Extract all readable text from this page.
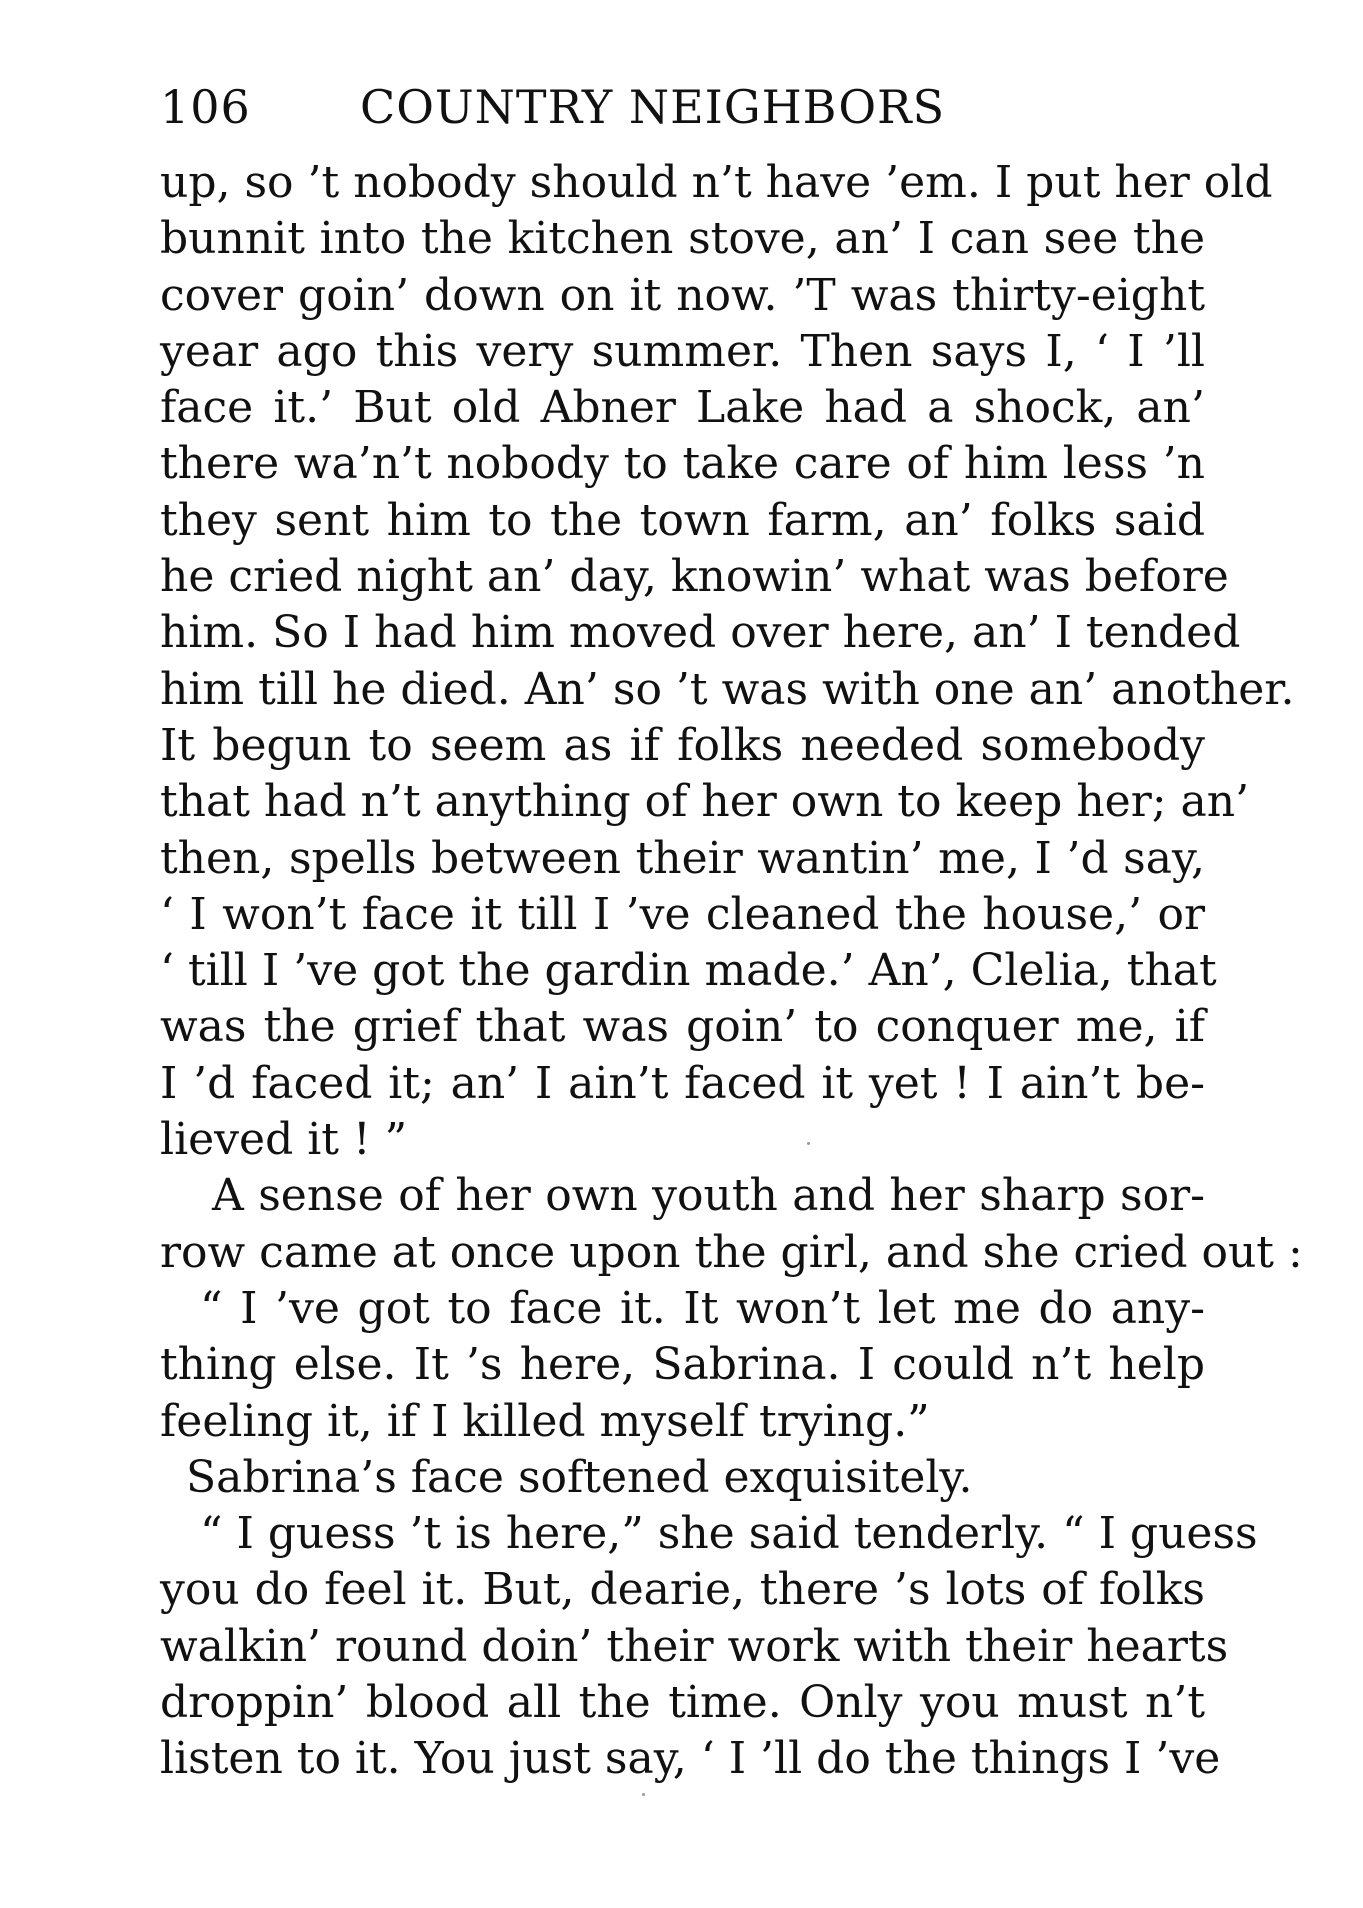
106 COUNTRY NEIGHBORS
up, so ’t nobody should n’t have ’em. I put her old
bunnit into the kitchen stove, an’ I can see the
cover goin’ down on it now. ’T was thirty-eight
year ago this very summer. Then says I, ‘ I ’ll
face it.’ But old Abner Lake had a shock, an’
there wa’n’t nobody to take care of him less ’n
they sent him to the town farm, an’ folks said
he cried night an’ day, knowin’ what was before
him. So I had him moved over here, an’ I tended
him till he died. An’ so ’t was with one an’ another.
It begun to seem as if folks needed somebody
that had n’t anything of her own to keep her; an’
then, spells between their wantin’ me, I ’d say,
‘ I won’t face it till I ’ve cleaned the house,’ or
‘ till I ’ve got the gardin made.’ An’, Clelia, that
was the grief that was goin’ to conquer me, if
I ’d faced it; an’ I ain’t faced it yet ! I ain’t be-
lieved it ! ”
A sense of her own youth and her sharp sor-
row came at once upon the girl, and she cried out :
“ I ’ve got to face it. It won’t let me do any-
thing else. It ’s here, Sabrina. I could n’t help
feeling it, if I killed myself trying.”
Sabrina’s face softened exquisitely.
“ I guess ’t is here,” she said tenderly. “ I guess
you do feel it. But, dearie, there ’s lots of folks
walkin’ round doin’ their work with their hearts
droppin’ blood all the time. Only you must n’t
listen to it. You just say, ‘ I ’ll do the things I ’ve
